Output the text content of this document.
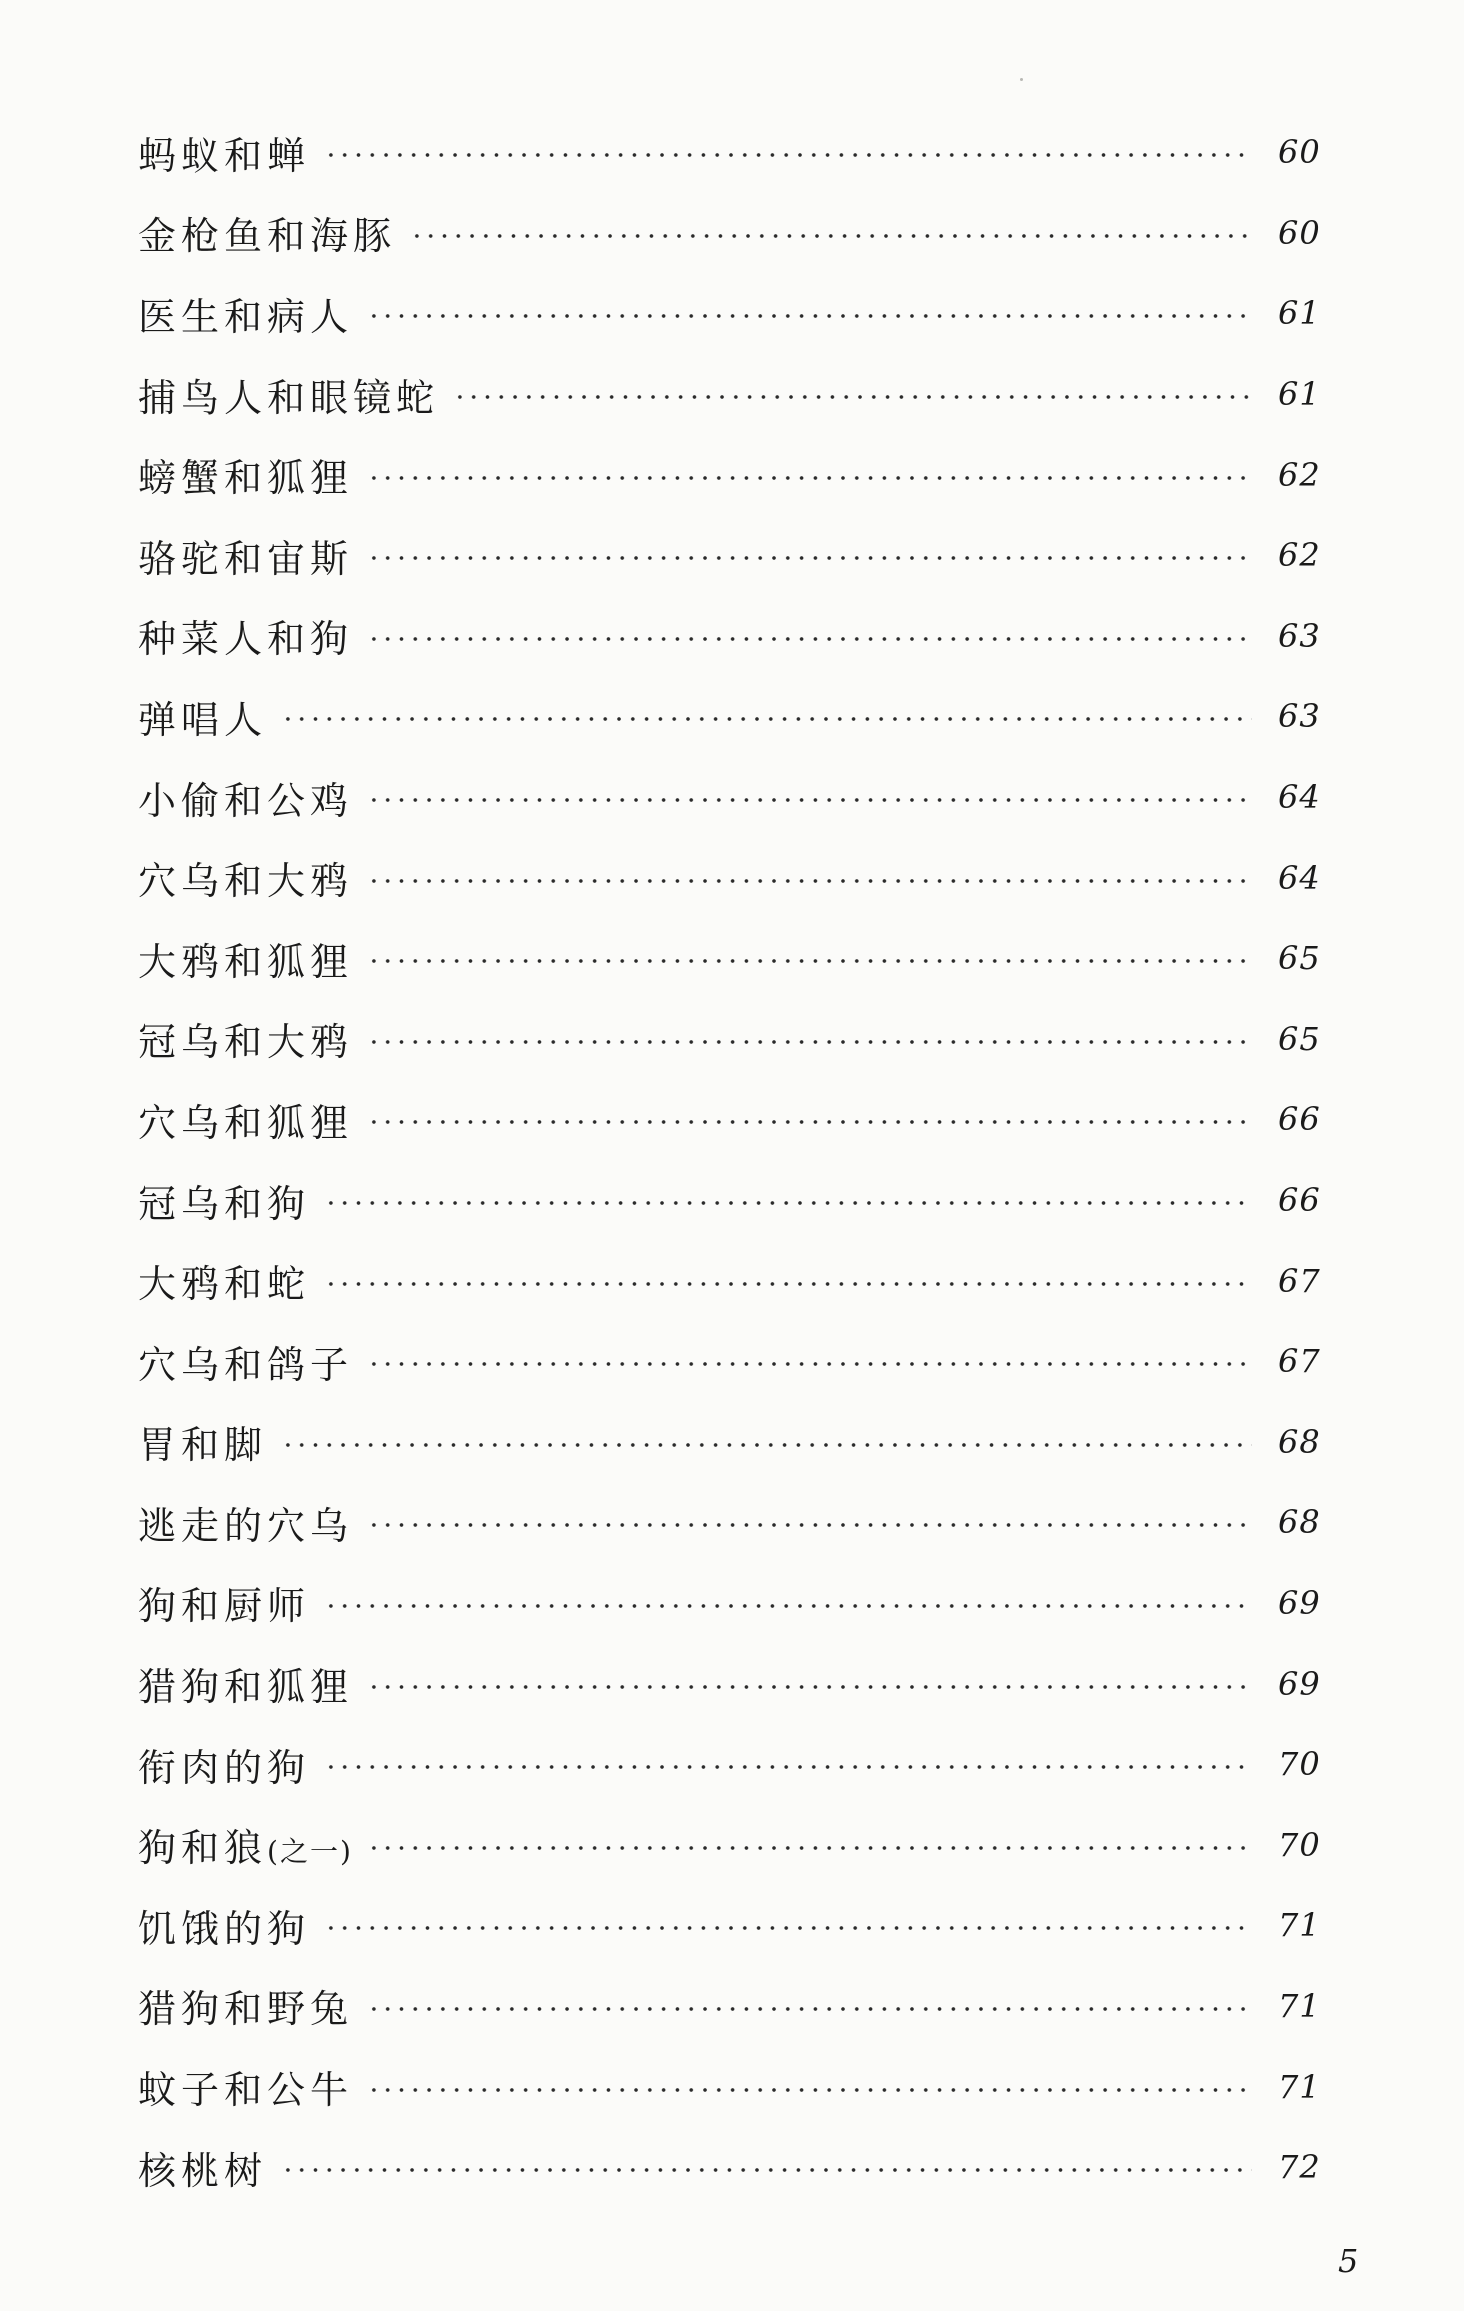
蚂蚁和蝉	60
金枪鱼和海豚	60
医生和病人	61
捕鸟人和眼镜蛇	61
螃蟹和狐狸	62
骆驼和宙斯	62
种菜人和狗	63
弹唱人	63
小偷和公鸡	64
穴乌和大鸦	64
大鸦和狐狸	65
冠乌和大鸦	65
穴乌和狐狸	66
冠乌和狗	66
大鸦和蛇	67
穴乌和鸽子	67
胃和脚	68
逃走的穴乌	68
狗和厨师	69
猎狗和狐狸	69
衔肉的狗	70
狗和狼(之一)	70
饥饿的狗	71
猎狗和野兔	71
蚊子和公牛	71
核桃树	72
5
